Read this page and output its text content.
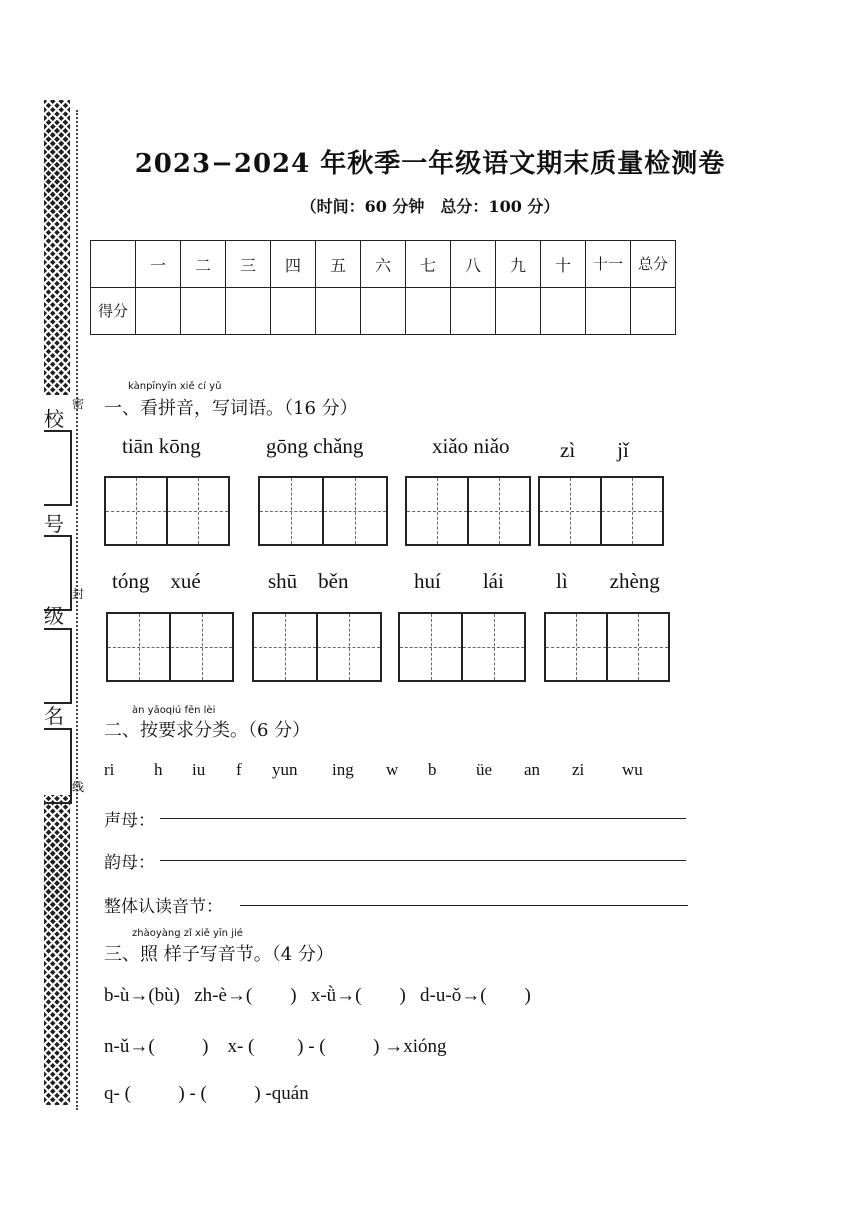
校
号
级
名
密
封
线
2023−2024 年秋季一年级语文期末质量检测卷
（时间：60 分钟　总分：100 分）
	一	二	三	四	五	六	七	八	九	十	十一	总分
得分												
kànpīnyīn xiě cí yǔ
一、看拼音，写词语。（16 分）
tiān kōng	gōng chǎng	xiǎo niǎo zì　　jǐ
tóng　xué	shū　běn	huí　　lái lì　　zhèng
àn yāoqiú fēn lèi
二、按要求分类。（6 分）
ri h iu f yun ing w b üe an zi wu
声母：
韵母：
整体认读音节：
zhàoyàng zǐ xiě yīn jié
三、照 样子写音节。（4 分）
b-ù→(bù)   zh-è→(        )   x-ǜ→(        )   d-u-ǒ→(        )
n-ǔ→(          )    x- (         ) - (          ) →xióng
q- (          ) - (          ) -quán
